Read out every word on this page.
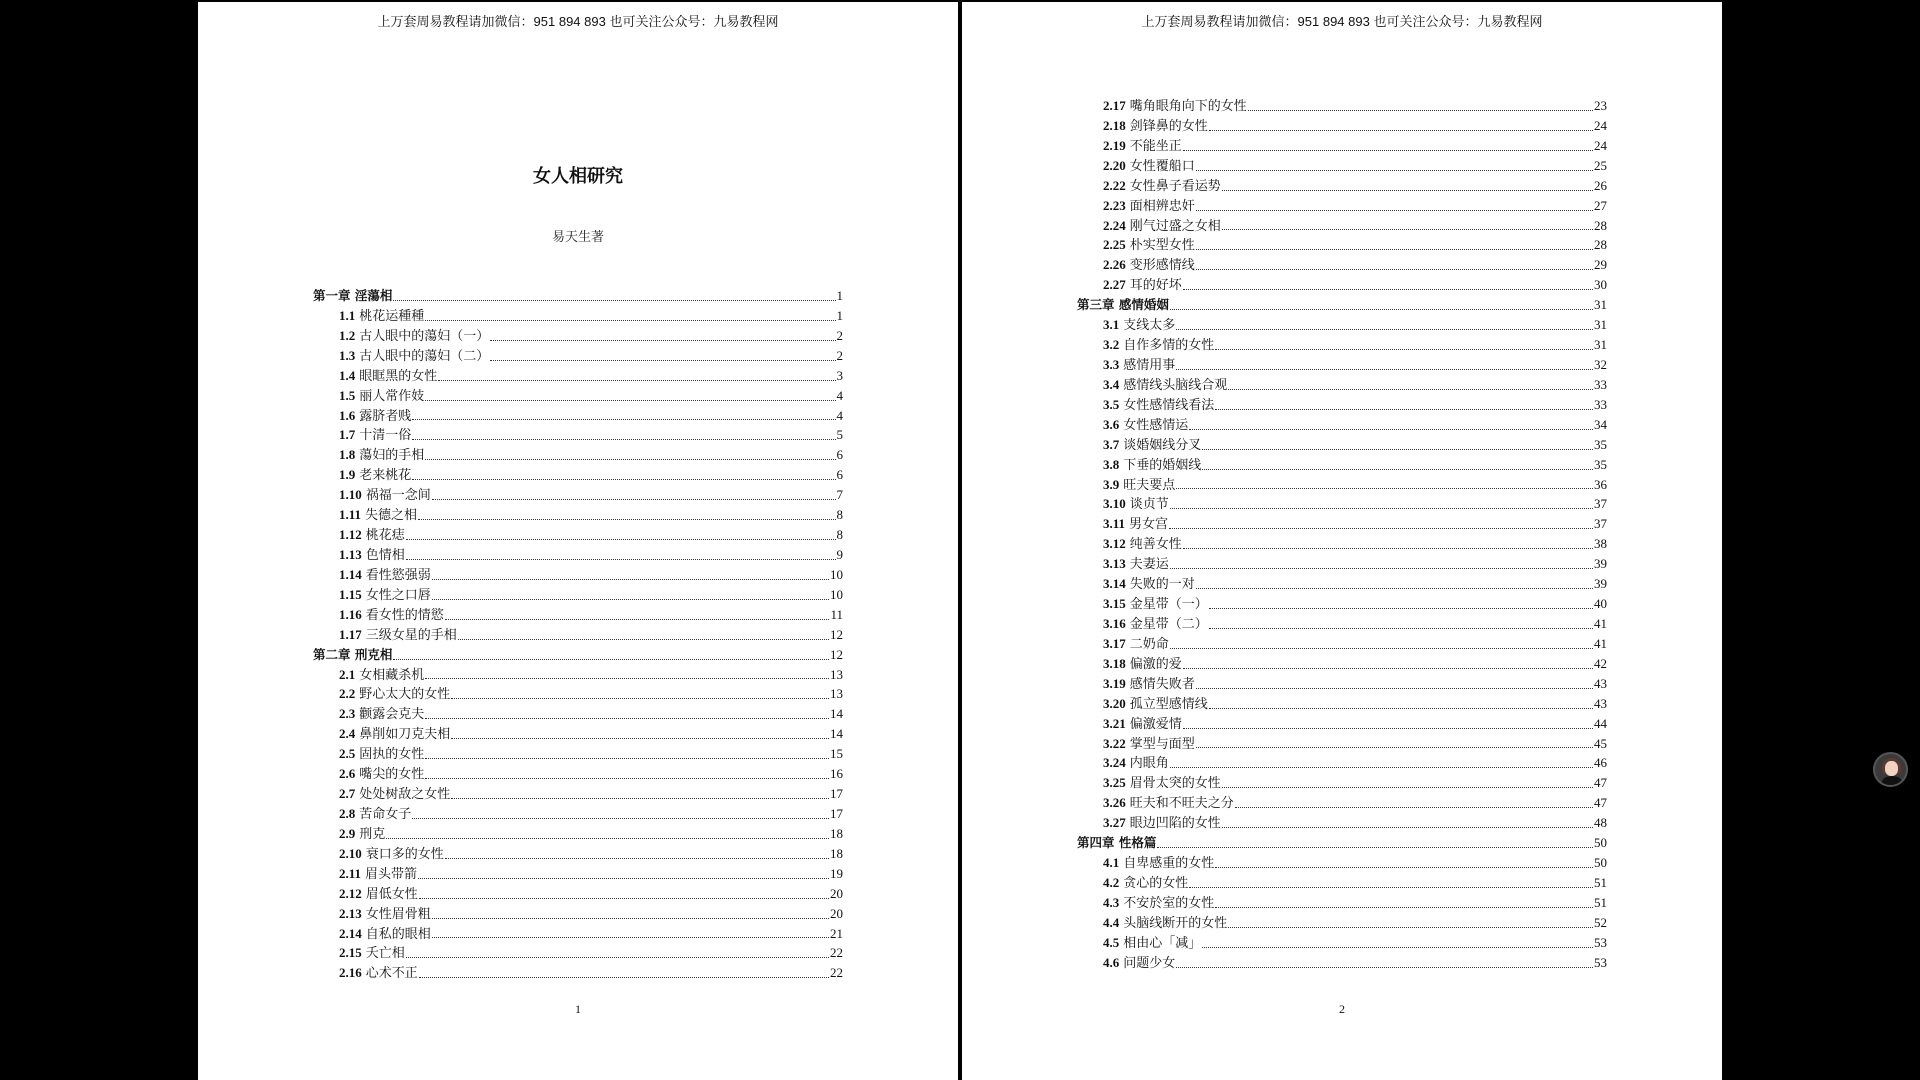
上万套周易教程请加微信：951 894 893 也可关注公众号：九易教程网
女人相研究
易天生著
第一章 淫蕩相	1
1.1 桃花运種種	1
1.2 古人眼中的蕩妇（一）	2
1.3 古人眼中的蕩妇（二）	2
1.4 眼眶黑的女性	3
1.5 丽人常作妓	4
1.6 露脐者贱	4
1.7 十清一俗	5
1.8 蕩妇的手相	6
1.9 老来桃花	6
1.10 祸福一念间	7
1.11 失德之相	8
1.12 桃花痣	8
1.13 色情相	9
1.14 看性慾强弱	10
1.15 女性之口唇	10
1.16 看女性的情慾	11
1.17 三级女星的手相	12
第二章 刑克相	12
2.1 女相藏杀机	13
2.2 野心太大的女性	13
2.3 颧露会克夫	14
2.4 鼻削如刀克夫相	14
2.5 固执的女性	15
2.6 嘴尖的女性	16
2.7 处处树敌之女性	17
2.8 苦命女子	17
2.9 刑克	18
2.10 衰口多的女性	18
2.11 眉头带箭	19
2.12 眉低女性	20
2.13 女性眉骨粗	20
2.14 自私的眼相	21
2.15 夭亡相	22
2.16 心术不正	22
1
上万套周易教程请加微信：951 894 893 也可关注公众号：九易教程网
2.17 嘴角眼角向下的女性	23
2.18 剑锋鼻的女性	24
2.19 不能坐正	24
2.20 女性覆船口	25
2.22 女性鼻子看运势	26
2.23 面相辨忠奸	27
2.24 刚气过盛之女相	28
2.25 朴实型女性	28
2.26 变形感情线	29
2.27 耳的好坏	30
第三章 感情婚姻	31
3.1 支线太多	31
3.2 自作多情的女性	31
3.3 感情用事	32
3.4 感情线头脑线合观	33
3.5 女性感情线看法	33
3.6 女性感情运	34
3.7 谈婚姻线分叉	35
3.8 下垂的婚姻线	35
3.9 旺夫要点	36
3.10 谈贞节	37
3.11 男女宫	37
3.12 纯善女性	38
3.13 夫妻运	39
3.14 失败的一对	39
3.15 金星带（一）	40
3.16 金星带（二）	41
3.17 二奶命	41
3.18 偏激的爱	42
3.19 感情失败者	43
3.20 孤立型感情线	43
3.21 偏激爱情	44
3.22 掌型与面型	45
3.24 内眼角	46
3.25 眉骨太突的女性	47
3.26 旺夫和不旺夫之分	47
3.27 眼边凹陷的女性	48
第四章 性格篇	50
4.1 自卑感重的女性	50
4.2 贪心的女性	51
4.3 不安於室的女性	51
4.4 头脑线断开的女性	52
4.5 相由心「减」	53
4.6 问题少女	53
2
